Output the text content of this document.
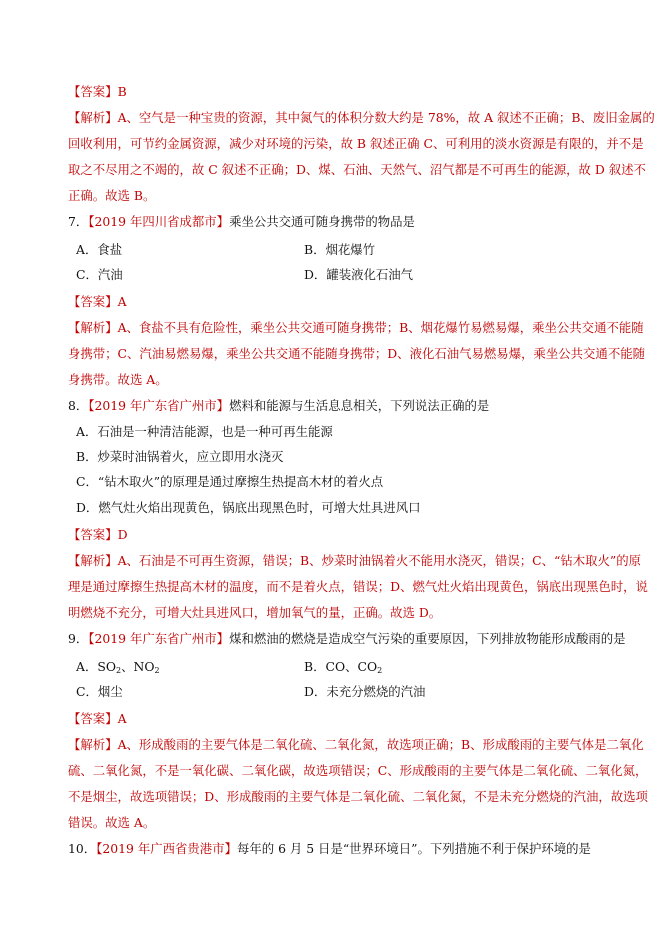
【答案】B
【解析】A、空气是一种宝贵的资源，其中氮气的体积分数大约是 78%，故 A 叙述不正确；B、废旧金属的
回收利用，可节约金属资源，减少对环境的污染，故 B 叙述正确 C、可利用的淡水资源是有限的，并不是
取之不尽用之不竭的，故 C 叙述不正确；D、煤、石油、天然气、沼气都是不可再生的能源，故 D 叙述不
正确。故选 B。
7．【2019 年四川省成都市】乘坐公共交通可随身携带的物品是
A．食盐	B．烟花爆竹
C．汽油	D．罐装液化石油气
【答案】A
【解析】A、食盐不具有危险性，乘坐公共交通可随身携带；B、烟花爆竹易燃易爆，乘坐公共交通不能随
身携带；C、汽油易燃易爆，乘坐公共交通不能随身携带；D、液化石油气易燃易爆，乘坐公共交通不能随
身携带。故选 A。
8．【2019 年广东省广州市】燃料和能源与生活息息相关，下列说法正确的是
A．石油是一种清洁能源，也是一种可再生能源
B．炒菜时油锅着火，应立即用水浇灭
C．“钻木取火”的原理是通过摩擦生热提高木材的着火点
D．燃气灶火焰出现黄色，锅底出现黑色时，可增大灶具进风口
【答案】D
【解析】A、石油是不可再生资源，错误；B、炒菜时油锅着火不能用水浇灭，错误；C、“钻木取火”的原
理是通过摩擦生热提高木材的温度，而不是着火点，错误；D、燃气灶火焰出现黄色，锅底出现黑色时，说
明燃烧不充分，可增大灶具进风口，增加氧气的量，正确。故选 D。
9．【2019 年广东省广州市】煤和燃油的燃烧是造成空气污染的重要原因，下列排放物能形成酸雨的是
A．$SO_2$、$NO_2$	B．CO、$CO_2$
C．烟尘	D．未充分燃烧的汽油
【答案】A
【解析】A、形成酸雨的主要气体是二氧化硫、二氧化氮，故选项正确；B、形成酸雨的主要气体是二氧化
硫、二氧化氮，不是一氧化碳、二氧化碳，故选项错误；C、形成酸雨的主要气体是二氧化硫、二氧化氮，
不是烟尘，故选项错误；D、形成酸雨的主要气体是二氧化硫、二氧化氮，不是未充分燃烧的汽油，故选项
错误。故选 A。
10．【2019 年广西省贵港市】每年的 6 月 5 日是“世界环境日”。下列措施不利于保护环境的是
